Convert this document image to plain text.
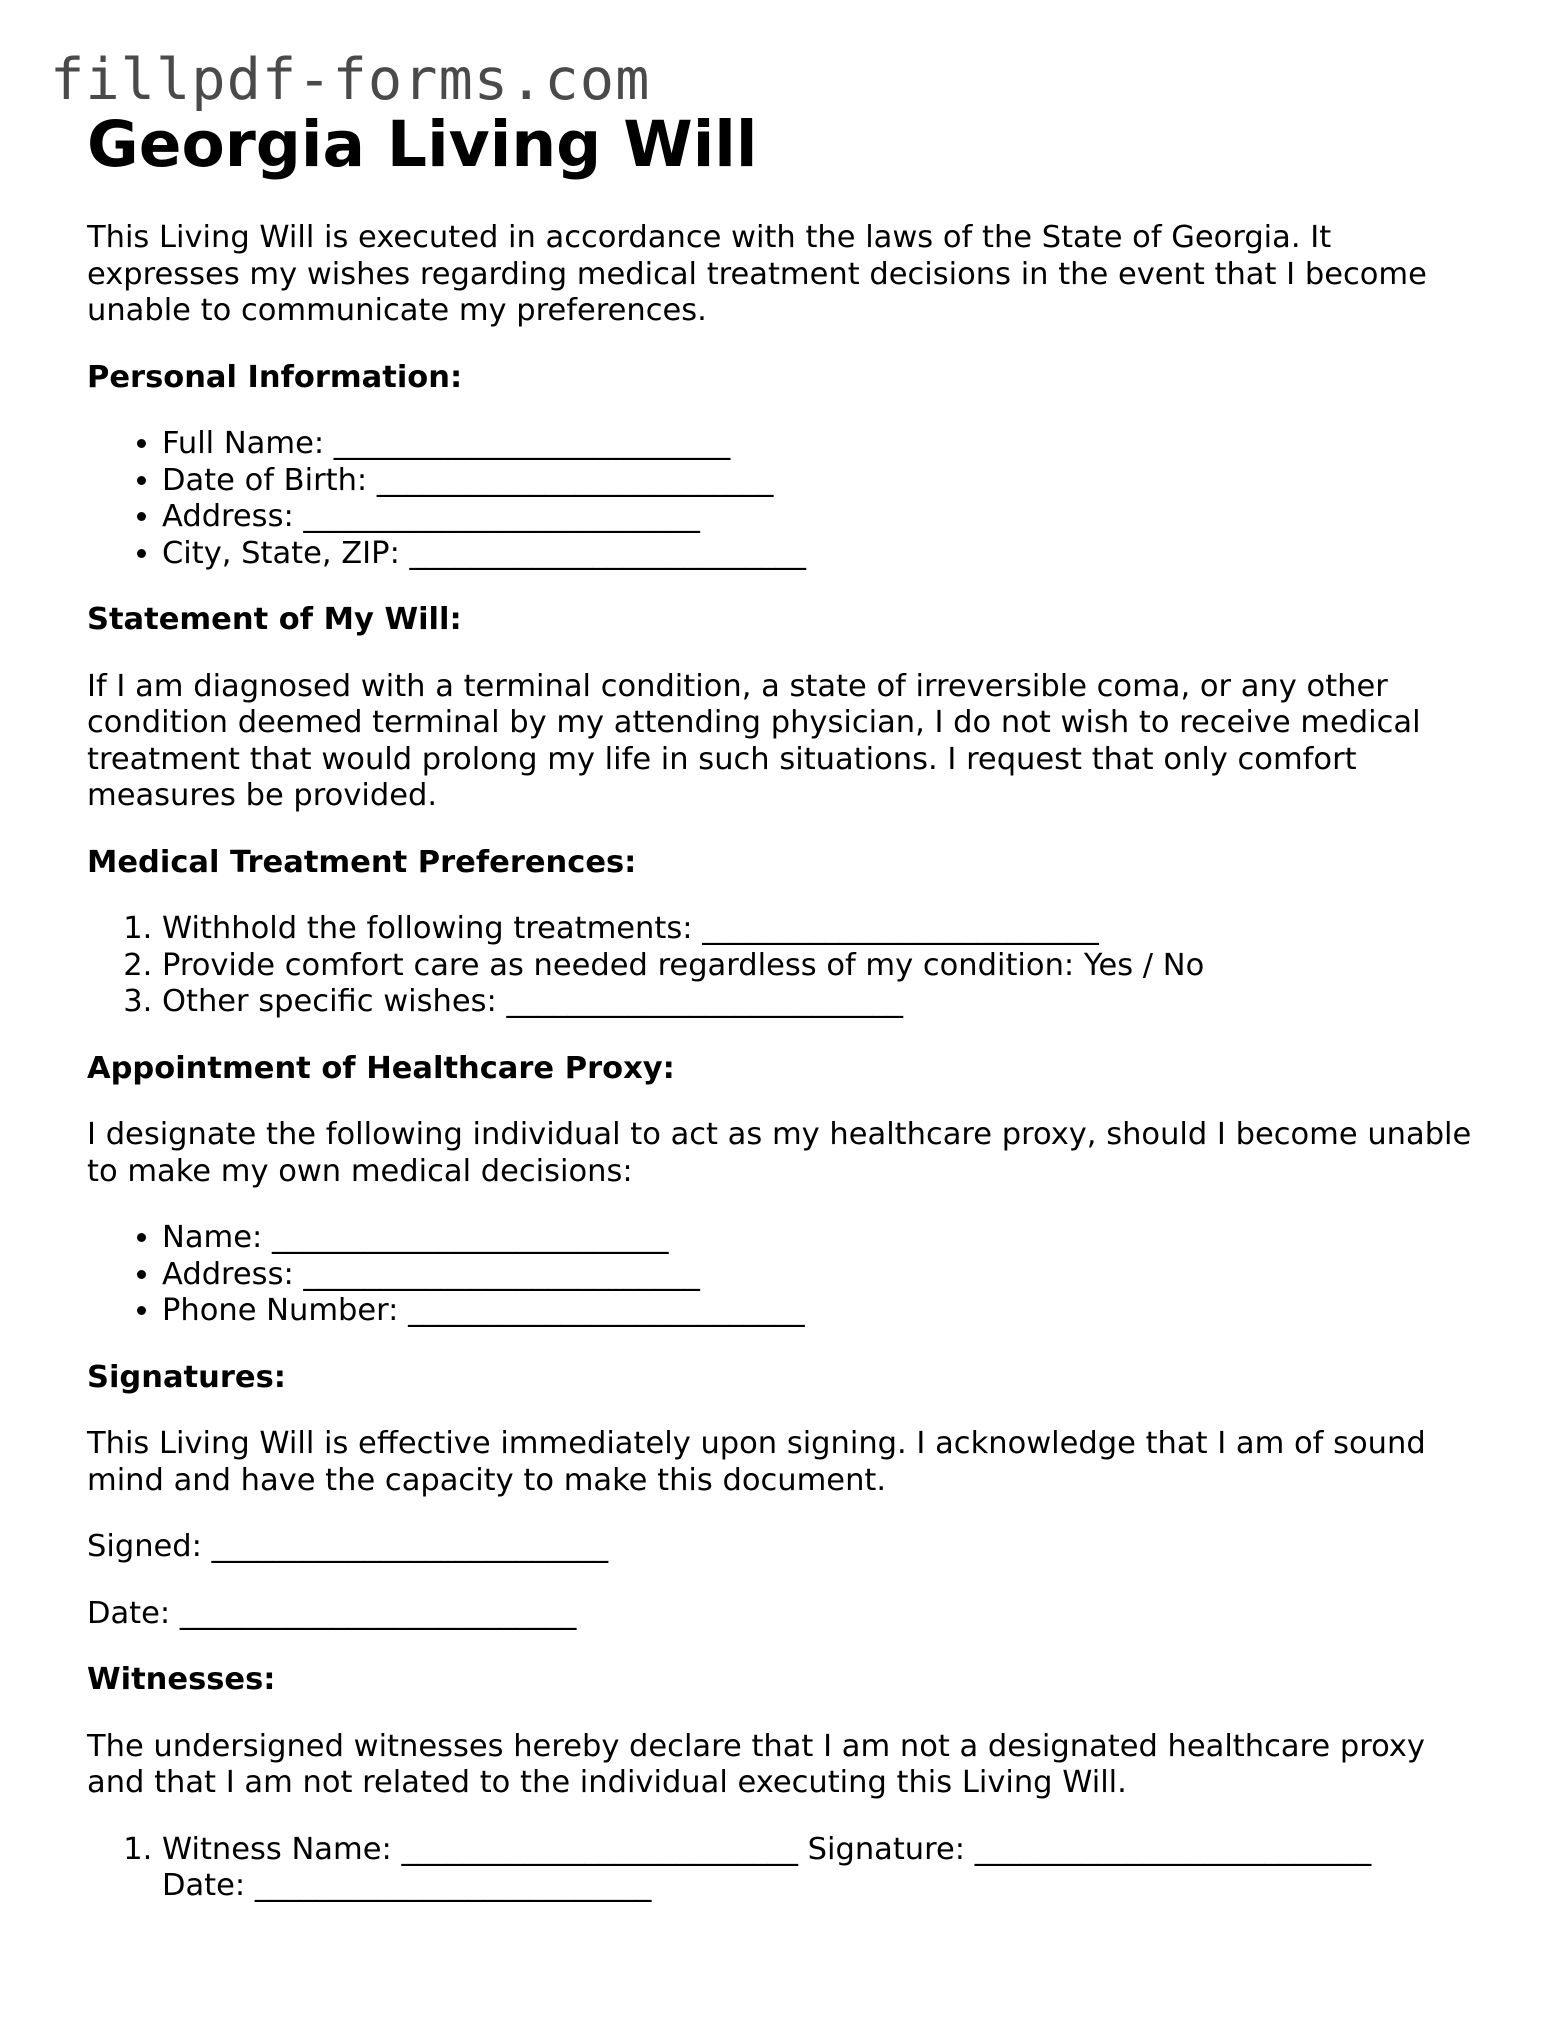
fillpdf-forms.com
Georgia Living Will

This Living Will is executed in accordance with the laws of the State of Georgia. It expresses my wishes regarding medical treatment decisions in the event that I become unable to communicate my preferences.

Personal Information:

• Full Name: __________________________
• Date of Birth: __________________________
• Address: __________________________
• City, State, ZIP: __________________________

Statement of My Will:

If I am diagnosed with a terminal condition, a state of irreversible coma, or any other condition deemed terminal by my attending physician, I do not wish to receive medical treatment that would prolong my life in such situations. I request that only comfort measures be provided.

Medical Treatment Preferences:

1. Withhold the following treatments: __________________________
2. Provide comfort care as needed regardless of my condition: Yes / No
3. Other specific wishes: __________________________

Appointment of Healthcare Proxy:

I designate the following individual to act as my healthcare proxy, should I become unable to make my own medical decisions:

• Name: __________________________
• Address: __________________________
• Phone Number: __________________________

Signatures:

This Living Will is effective immediately upon signing. I acknowledge that I am of sound mind and have the capacity to make this document.

Signed: __________________________

Date: __________________________

Witnesses:

The undersigned witnesses hereby declare that I am not a designated healthcare proxy and that I am not related to the individual executing this Living Will.

1. Witness Name: __________________________ Signature: __________________________
Date: __________________________
